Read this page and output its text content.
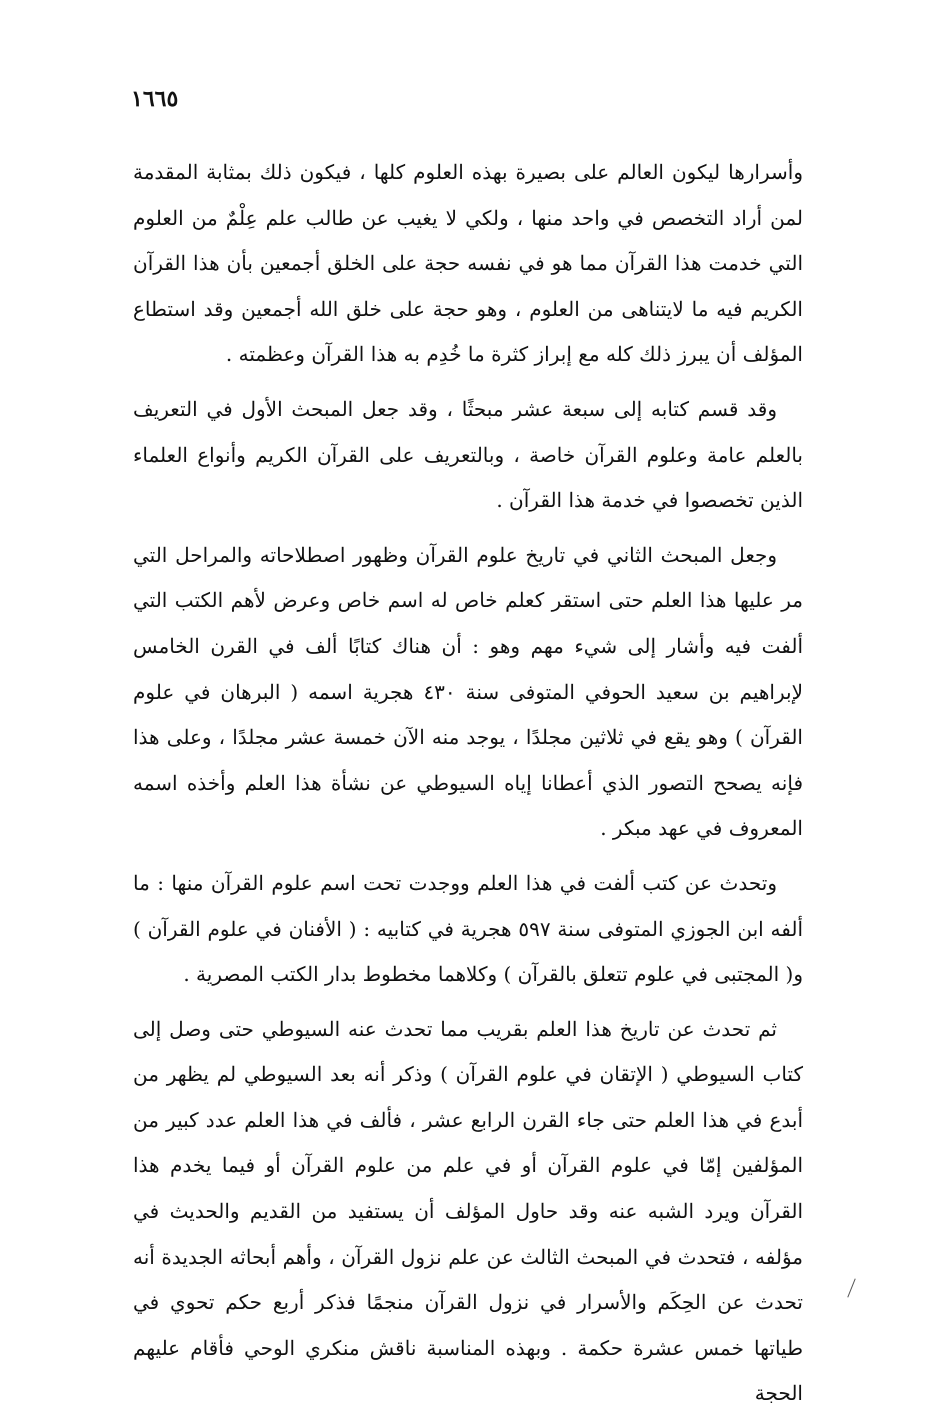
١٦٦٥

وأسرارها ليكون العالم على بصيرة بهذه العلوم كلها ، فيكون ذلك بمثابة المقدمة لمن أراد التخصص في واحد منها ، ولكي لا يغيب عن طالب علم عِلْمٌ من العلوم التي خدمت هذا القرآن مما هو في نفسه حجة على الخلق أجمعين بأن هذا القرآن الكريم فيه ما لايتناهى من العلوم ، وهو حجة على خلق الله أجمعين وقد استطاع المؤلف أن يبرز ذلك كله مع إبراز كثرة ما خُدِم به هذا القرآن وعظمته .

وقد قسم كتابه إلى سبعة عشر مبحثًا ، وقد جعل المبحث الأول في التعريف بالعلم عامة وعلوم القرآن خاصة ، وبالتعريف على القرآن الكريم وأنواع العلماء الذين تخصصوا في خدمة هذا القرآن .

وجعل المبحث الثاني في تاريخ علوم القرآن وظهور اصطلاحاته والمراحل التي مر عليها هذا العلم حتى استقر كعلم خاص له اسم خاص وعرض لأهم الكتب التي ألفت فيه وأشار إلى شيء مهم وهو : أن هناك كتابًا ألف في القرن الخامس لإبراهيم بن سعيد الحوفي المتوفى سنة ٤٣٠ هجرية اسمه ( البرهان في علوم القرآن ) وهو يقع في ثلاثين مجلدًا ، يوجد منه الآن خمسة عشر مجلدًا ، وعلى هذا فإنه يصحح التصور الذي أعطانا إياه السيوطي عن نشأة هذا العلم وأخذه اسمه المعروف في عهد مبكر .

وتحدث عن كتب ألفت في هذا العلم ووجدت تحت اسم علوم القرآن منها : ما ألفه ابن الجوزي المتوفى سنة ٥٩٧ هجرية في كتابيه : ( الأفنان في علوم القرآن ) و( المجتبى في علوم تتعلق بالقرآن ) وكلاهما مخطوط بدار الكتب المصرية .

ثم تحدث عن تاريخ هذا العلم بقريب مما تحدث عنه السيوطي حتى وصل إلى كتاب السيوطي ( الإتقان في علوم القرآن ) وذكر أنه بعد السيوطي لم يظهر من أبدع في هذا العلم حتى جاء القرن الرابع عشر ، فألف في هذا العلم عدد كبير من المؤلفين إمّا في علوم القرآن أو في علم من علوم القرآن أو فيما يخدم هذا القرآن ويرد الشبه عنه وقد حاول المؤلف أن يستفيد من القديم والحديث في مؤلفه ، فتحدث في المبحث الثالث عن علم نزول القرآن ، وأهم أبحاثه الجديدة أنه تحدث عن الحِكَم والأسرار في نزول القرآن منجمًا فذكر أربع حكم تحوي في طياتها خمس عشرة حكمة . وبهذه المناسبة ناقش منكري الوحي فأقام عليهم الحجة
